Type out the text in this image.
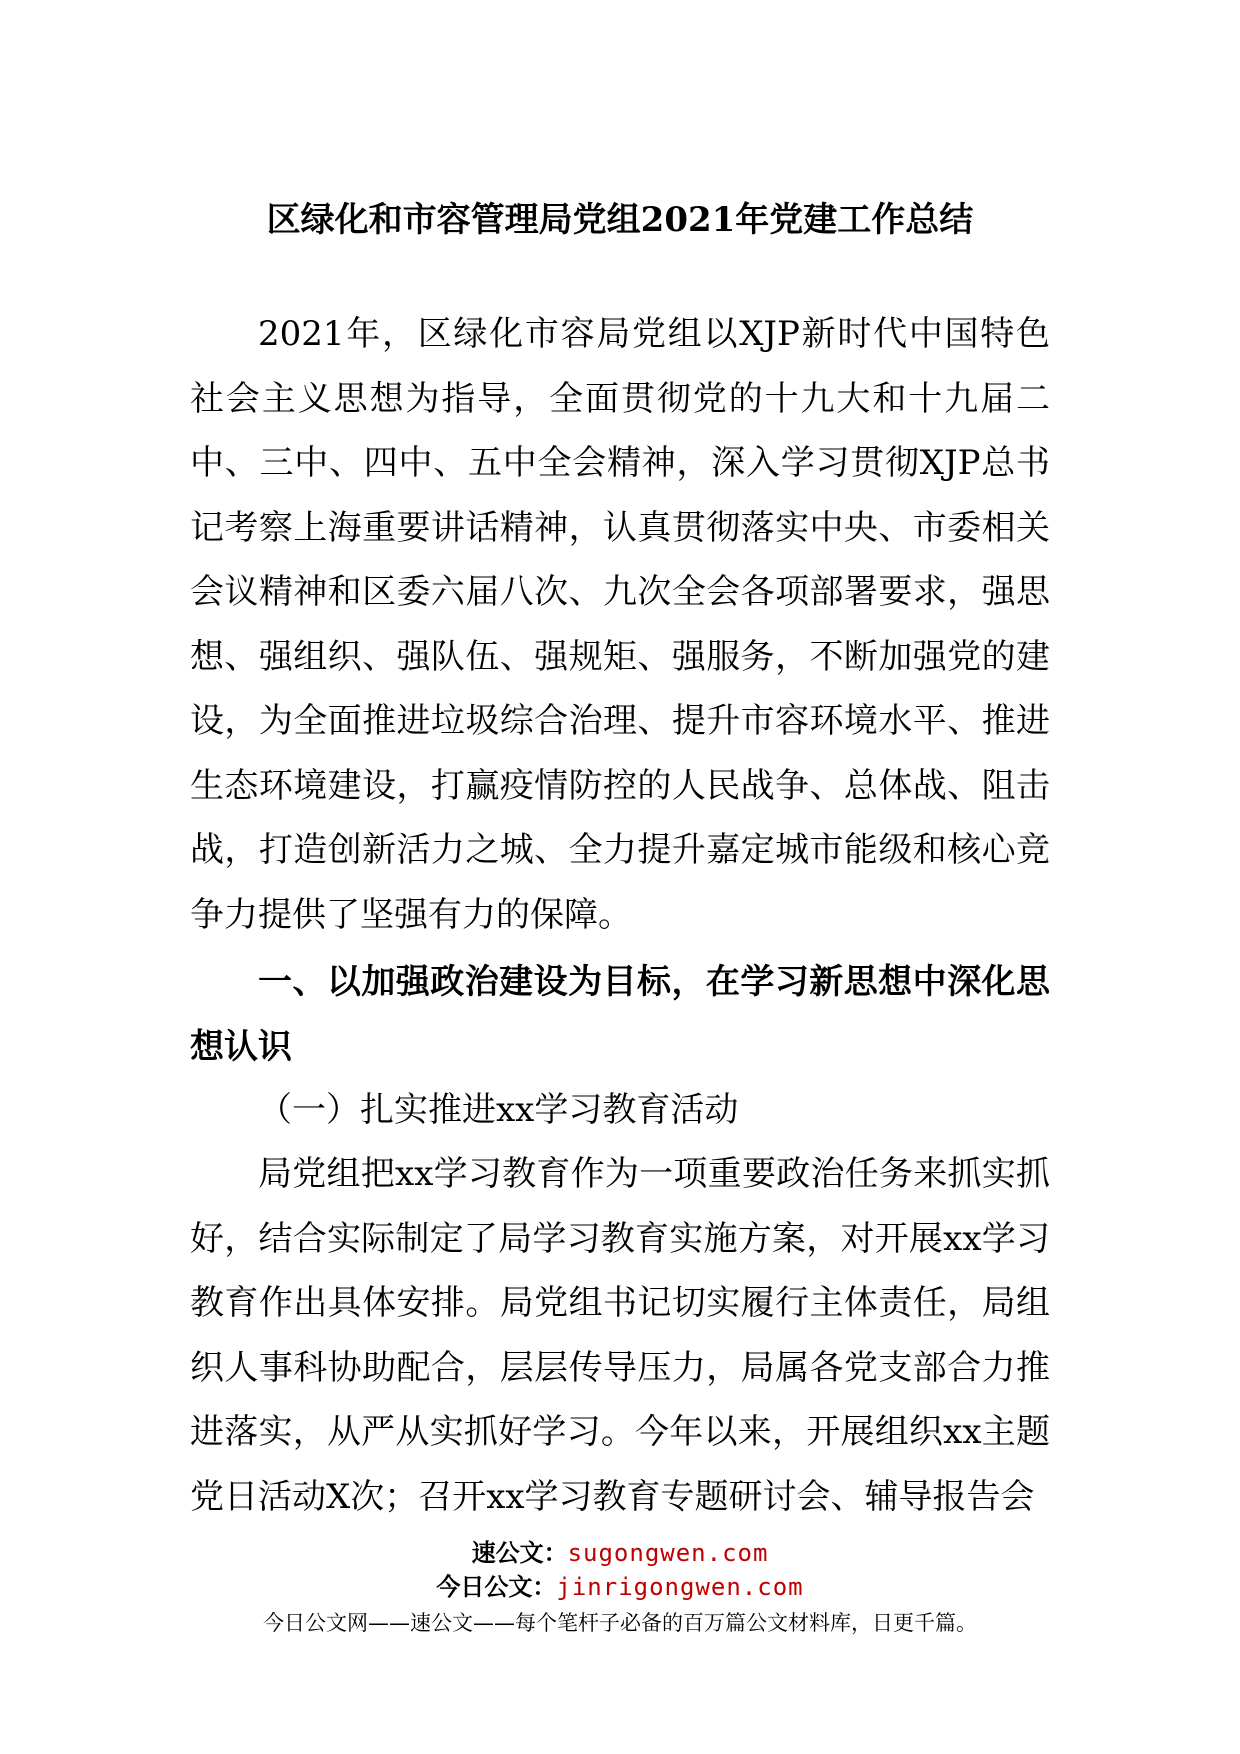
区绿化和市容管理局党组2021年党建工作总结

2021年，区绿化市容局党组以XJP新时代中国特色社会主义思想为指导，全面贯彻党的十九大和十九届二中、三中、四中、五中全会精神，深入学习贯彻XJP总书记考察上海重要讲话精神，认真贯彻落实中央、市委相关会议精神和区委六届八次、九次全会各项部署要求，强思想、强组织、强队伍、强规矩、强服务，不断加强党的建设，为全面推进垃圾综合治理、提升市容环境水平、推进生态环境建设，打赢疫情防控的人民战争、总体战、阻击战，打造创新活力之城、全力提升嘉定城市能级和核心竞争力提供了坚强有力的保障。

一、以加强政治建设为目标，在学习新思想中深化思想认识

（一）扎实推进xx学习教育活动

局党组把xx学习教育作为一项重要政治任务来抓实抓好，结合实际制定了局学习教育实施方案，对开展xx学习教育作出具体安排。局党组书记切实履行主体责任，局组织人事科协助配合，层层传导压力，局属各党支部合力推进落实，从严从实抓好学习。今年以来，开展组织xx主题党日活动X次；召开xx学习教育专题研讨会、辅导报告会

速公文：sugongwen.com
今日公文：jinrigongwen.com
今日公文网——速公文——每个笔杆子必备的百万篇公文材料库，日更千篇。
